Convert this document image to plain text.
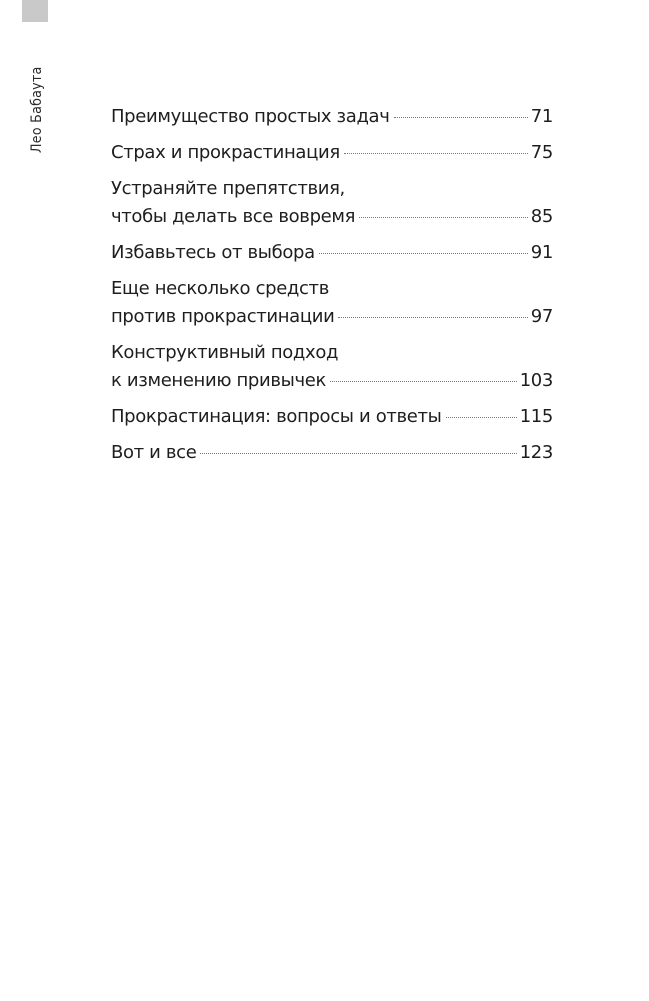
Лео Бабаута	Преимущество простых задач	71
Страх и прокрастинация	75
Устраняйте препятствия,
чтобы делать все вовремя	85
Избавьтесь от выбора	91
Еще несколько средств
против прокрастинации	97
Конструктивный подход
к изменению привычек	103
Прокрастинация: вопросы и ответы	115
Вот и все	123
